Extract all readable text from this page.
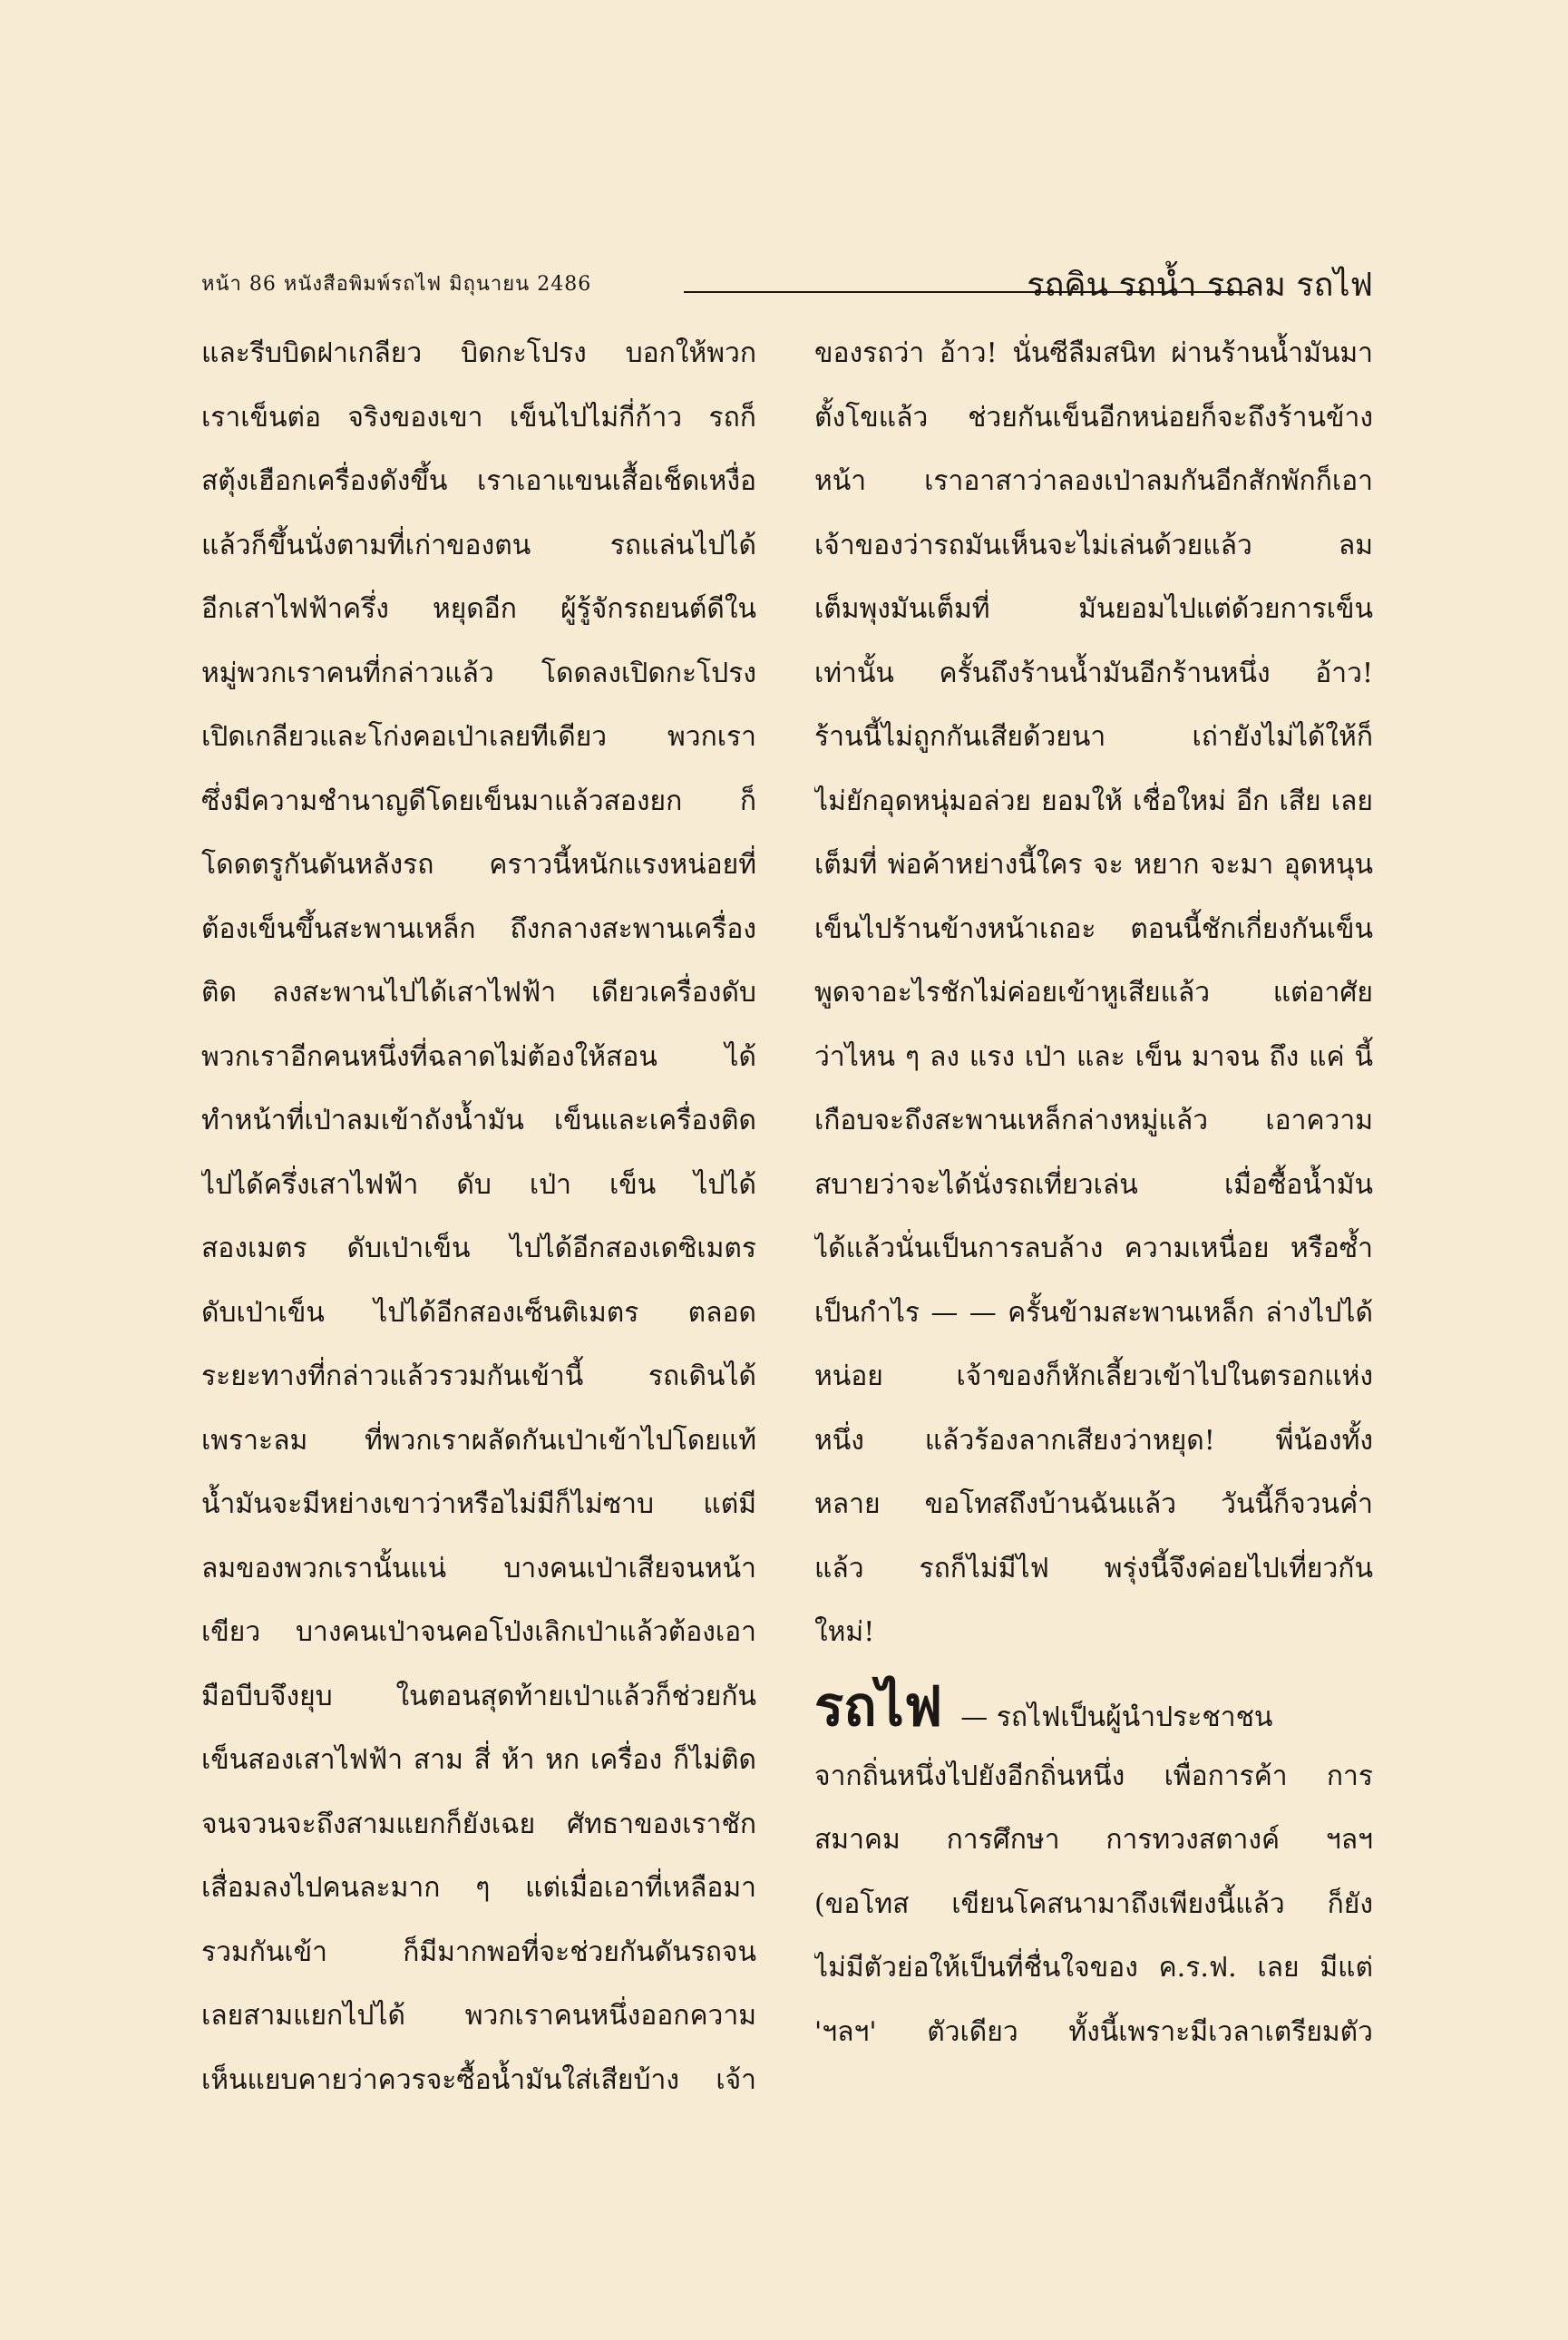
หน้า 86 หนังสือพิมพ์รถไฟ มิถุนายน 2486	รถคิน รถน้ำ รถลม รถไฟ
และรีบบิดฝาเกลียว บิดกะโปรง บอกให้พวก
เราเข็นต่อ จริงของเขา เข็นไปไม่กี่ก้าว รถก็
สตุ้งเฮือกเครื่องดังขึ้น เราเอาแขนเสื้อเช็ดเหงื่อ
แล้วก็ขึ้นนั่งตามที่เก่าของตน	รถแล่นไปได้
อีกเสาไฟฟ้าครึ่ง หยุดอีก ผู้รู้จักรถยนต์ดีใน
หมู่พวกเราคนที่กล่าวแล้ว โดดลงเปิดกะโปรง
เปิดเกลียวและโก่งคอเป่าเลยทีเดียว พวกเรา
ซึ่งมีความชำนาญดีโดยเข็นมาแล้วสองยก ก็
โดดตรูกันดันหลังรถ คราวนี้หนักแรงหน่อยที่
ต้องเข็นขึ้นสะพานเหล็ก ถึงกลางสะพานเครื่อง
ติด ลงสะพานไปได้เสาไฟฟ้า เดียวเครื่องดับ
พวกเราอีกคนหนึ่งที่ฉลาดไม่ต้องให้สอน ได้
ทำหน้าที่เป่าลมเข้าถังน้ำมัน เข็นและเครื่องติด
ไปได้ครึ่งเสาไฟฟ้า ดับ เป่า เข็น ไปได้
สองเมตร ดับเป่าเข็น ไปได้อีกสองเดซิเมตร
ดับเป่าเข็น ไปได้อีกสองเซ็นติเมตร ตลอด
ระยะทางที่กล่าวแล้วรวมกันเข้านี้ รถเดินได้
เพราะลม ที่พวกเราผลัดกันเป่าเข้าไปโดยแท้
น้ำมันจะมีหย่างเขาว่าหรือไม่มีก็ไม่ซาบ แต่มี
ลมของพวกเรานั้นแน่ บางคนเป่าเสียจนหน้า
เขียว บางคนเป่าจนคอโป่งเลิกเป่าแล้วต้องเอา
มือบีบจึงยุบ ในตอนสุดท้ายเป่าแล้วก็ช่วยกัน
เข็นสองเสาไฟฟ้า สาม สี่ ห้า หก เครื่อง ก็ไม่ติด
จนจวนจะถึงสามแยกก็ยังเฉย ศัทธาของเราชัก
เสื่อมลงไปคนละมาก ๆ แต่เมื่อเอาที่เหลือมา
รวมกันเข้า	ก็มีมากพอที่จะช่วยกันดันรถจน
เลยสามแยกไปได้ พวกเราคนหนึ่งออกความ
เห็นแยบคายว่าควรจะซื้อน้ำมันใส่เสียบ้าง เจ้า
ของรถว่า อ้าว! นั่นซีลืมสนิท ผ่านร้านน้ำมันมา
ตั้งโขแล้ว ช่วยกันเข็นอีกหน่อยก็จะถึงร้านข้าง
หน้า เราอาสาว่าลองเป่าลมกันอีกสักพักก็เอา
เจ้าของว่ารถมันเห็นจะไม่เล่นด้วยแล้ว	ลม
เต็มพุงมันเต็มที่	มันยอมไปแต่ด้วยการเข็น
เท่านั้น ครั้นถึงร้านน้ำมันอีกร้านหนึ่ง อ้าว!
ร้านนี้ไม่ถูกกันเสียด้วยนา	เถ่ายังไม่ได้ให้ก็
ไม่ยักอุดหนุ่มอล่วย ยอมให้ เชื่อใหม่ อีก เสีย เลย
เต็มที่ พ่อค้าหย่างนี้ใคร จะ หยาก จะมา อุดหนุน
เข็นไปร้านข้างหน้าเถอะ ตอนนี้ชักเกี่ยงกันเข็น
พูดจาอะไรชักไม่ค่อยเข้าหูเสียแล้ว แต่อาศัย
ว่าไหน ๆ ลง แรง เป่า และ เข็น มาจน ถึง แค่ นี้
เกือบจะถึงสะพานเหล็กล่างหมู่แล้ว เอาความ
สบายว่าจะได้นั่งรถเที่ยวเล่น	เมื่อซื้อน้ำมัน
ได้แล้วนั่นเป็นการลบล้าง ความเหนื่อย หรือซ้ำ
เป็นกำไร — — ครั้นข้ามสะพานเหล็ก ล่างไปได้
หน่อย	เจ้าของก็หักเลี้ยวเข้าไปในตรอกแห่ง
หนึ่ง แล้วร้องลากเสียงว่าหยุด! พี่น้องทั้ง
หลาย ขอโทสถึงบ้านฉันแล้ว วันนี้ก็จวนค่ำ
แล้ว รถก็ไม่มีไฟ พรุ่งนี้จึงค่อยไปเที่ยวกัน
ใหม่!
รถไฟ — รถไฟเป็นผู้นำประชาชน
จากถิ่นหนึ่งไปยังอีกถิ่นหนึ่ง เพื่อการค้า การ
สมาคม การศึกษา การทวงสตางค์ ฯลฯ
(ขอโทส เขียนโคสนามาถึงเพียงนี้แล้ว ก็ยัง
ไม่มีตัวย่อให้เป็นที่ชื่นใจของ ค.ร.ฟ. เลย มีแต่
'ฯลฯ' ตัวเดียว ทั้งนี้เพราะมีเวลาเตรียมตัว
